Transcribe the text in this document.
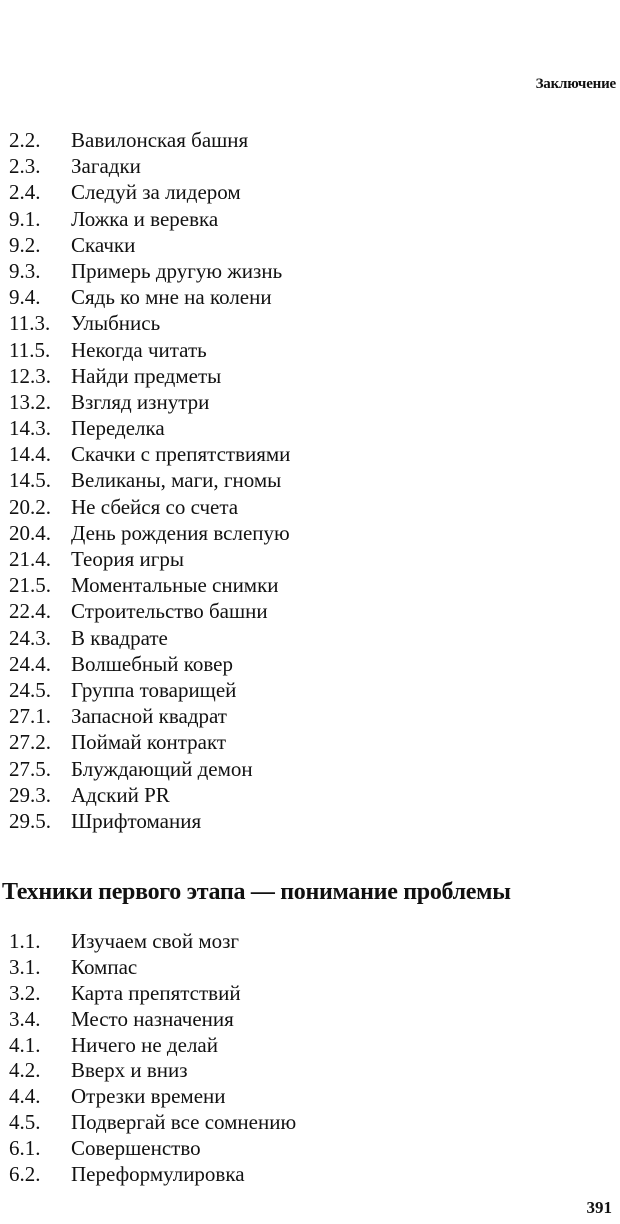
Заключение
2.2.	Вавилонская башня
2.3.	Загадки
2.4.	Следуй за лидером
9.1.	Ложка и веревка
9.2.	Скачки
9.3.	Примерь другую жизнь
9.4.	Сядь ко мне на колени
11.3. Улыбнись
11.5. Некогда читать
12.3. Найди предметы
13.2. Взгляд изнутри
14.3. Переделка
14.4. Скачки с препятствиями
14.5. Великаны, маги, гномы
20.2. Не сбейся со счета
20.4. День рождения вслепую
21.4. Теория игры
21.5. Моментальные снимки
22.4. Строительство башни
24.3. В квадрате
24.4. Волшебный ковер
24.5. Группа товарищей
27.1. Запасной квадрат
27.2. Поймай контракт
27.5. Блуждающий демон
29.3. Адский PR
29.5. Шрифтомания
Техники первого этапа — понимание проблемы
1.1.	Изучаем свой мозг
3.1.	Компас
3.2.	Карта препятствий
3.4.	Место назначения
4.1.	Ничего не делай
4.2.	Вверх и вниз
4.4.	Отрезки времени
4.5.	Подвергай все сомнению
6.1.	Совершенство
6.2.	Переформулировка
391
